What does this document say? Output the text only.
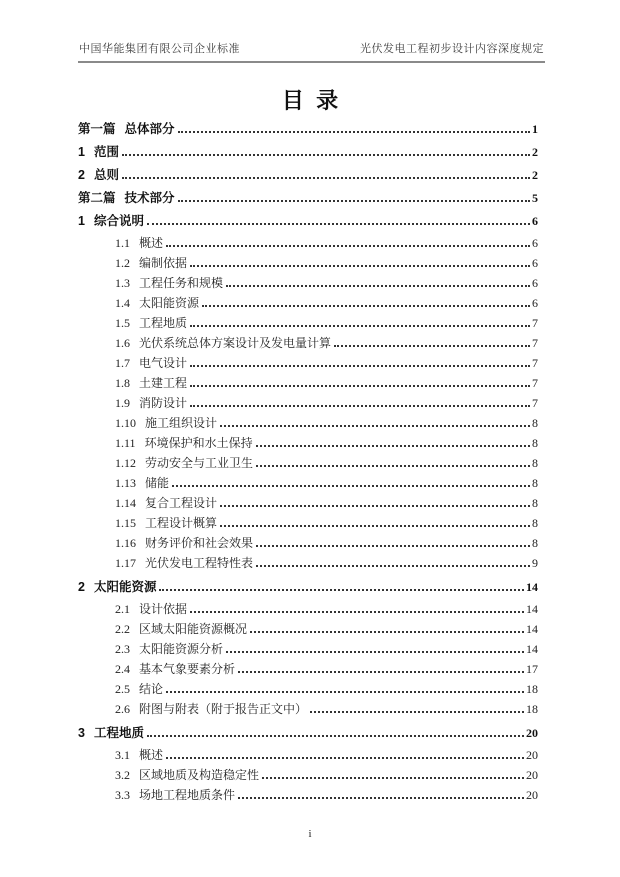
中国华能集团有限公司企业标准	光伏发电工程初步设计内容深度规定
目  录
第一篇 总体部分	1
1 范围	2
2 总则	2
第二篇 技术部分	5
1 综合说明	6
1.1 概述	6
1.2 编制依据	6
1.3 工程任务和规模	6
1.4 太阳能资源	6
1.5 工程地质	7
1.6 光伏系统总体方案设计及发电量计算	7
1.7 电气设计	7
1.8 土建工程	7
1.9 消防设计	7
1.10 施工组织设计	8
1.11 环境保护和水土保持	8
1.12 劳动安全与工业卫生	8
1.13 储能	8
1.14 复合工程设计	8
1.15 工程设计概算	8
1.16 财务评价和社会效果	8
1.17 光伏发电工程特性表	9
2 太阳能资源	14
2.1 设计依据	14
2.2 区域太阳能资源概况	14
2.3 太阳能资源分析	14
2.4 基本气象要素分析	17
2.5 结论	18
2.6 附图与附表（附于报告正文中）	18
3 工程地质	20
3.1 概述	20
3.2 区域地质及构造稳定性	20
3.3 场地工程地质条件	20
i
